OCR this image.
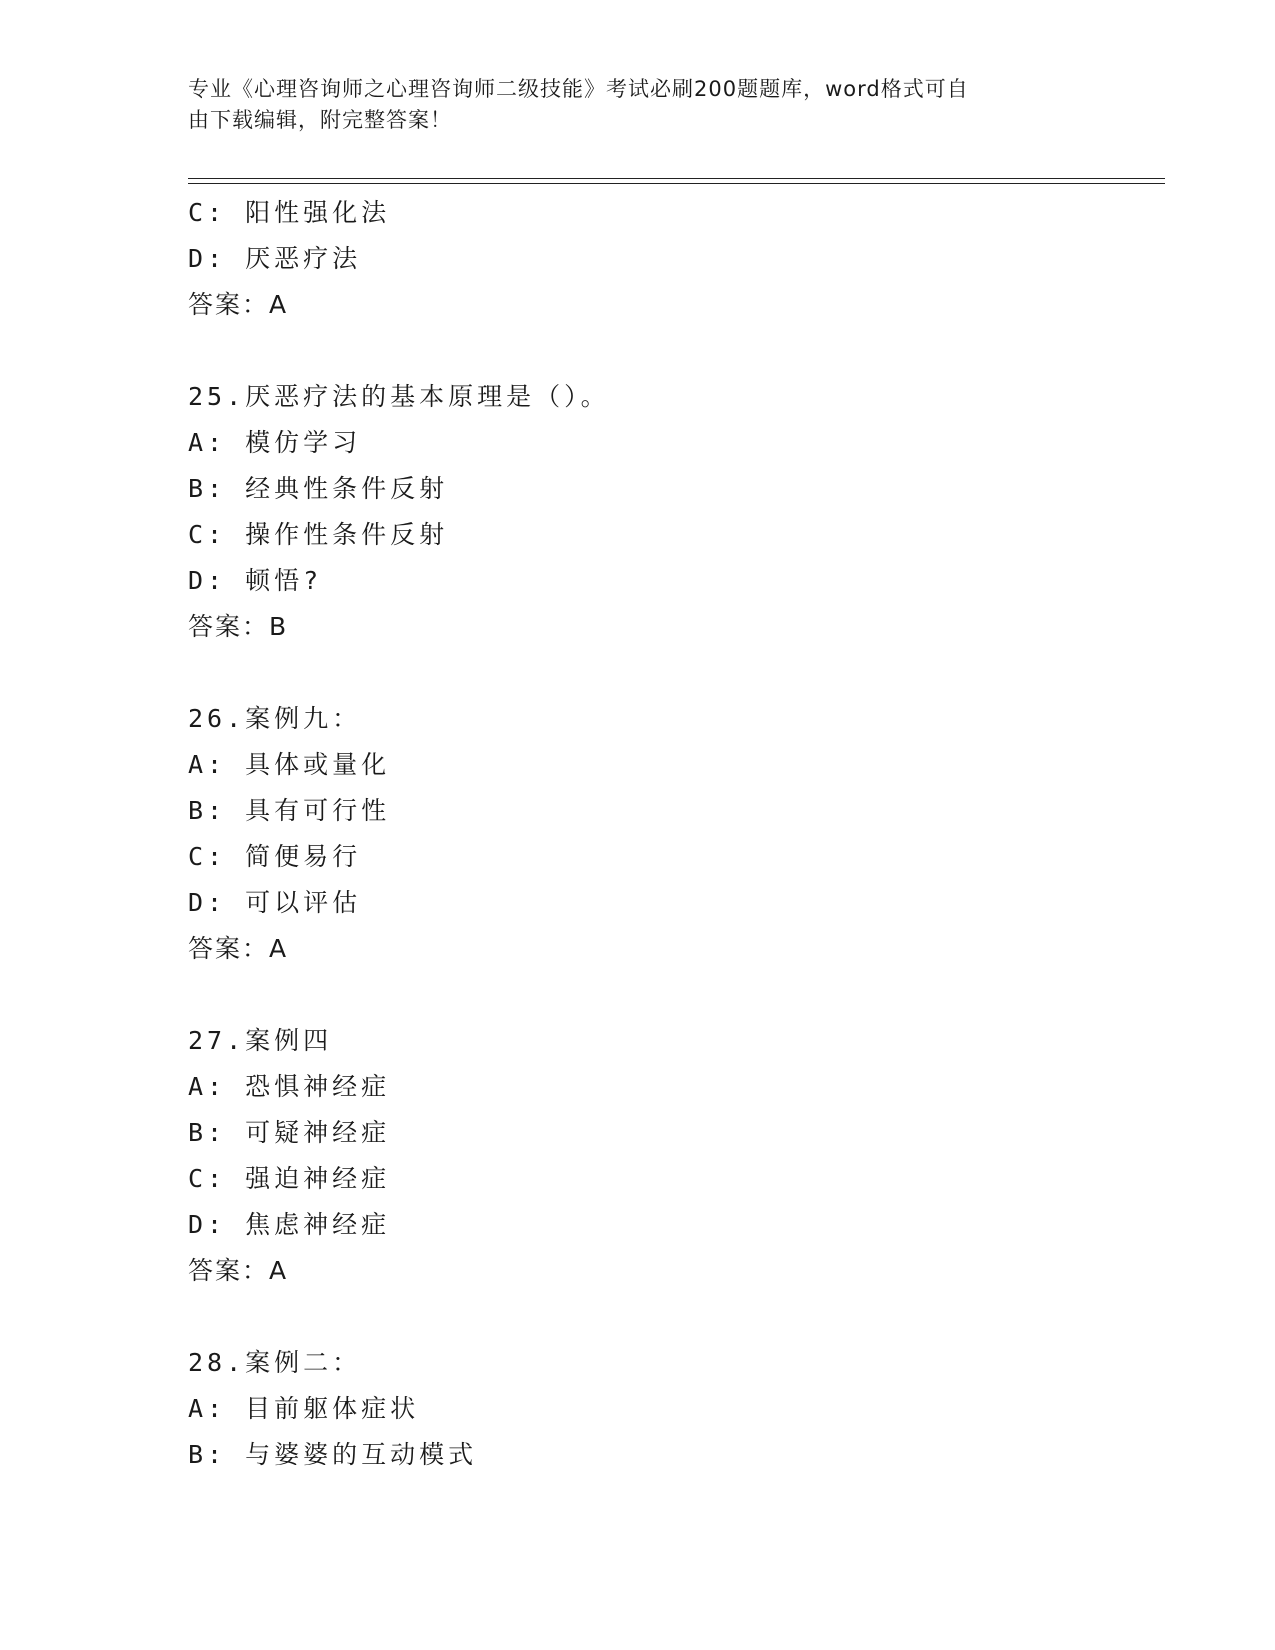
专业《心理咨询师之心理咨询师二级技能》考试必刷200题题库，word格式可自
由下载编辑，附完整答案！
C: 阳性强化法
D: 厌恶疗法
答案：A
25.厌恶疗法的基本原理是（）。
A: 模仿学习
B: 经典性条件反射
C: 操作性条件反射
D: 顿悟?
答案：B
26.案例九：
A: 具体或量化
B: 具有可行性
C: 简便易行
D: 可以评估
答案：A
27.案例四
A: 恐惧神经症
B: 可疑神经症
C: 强迫神经症
D: 焦虑神经症
答案：A
28.案例二：
A: 目前躯体症状
B: 与婆婆的互动模式
